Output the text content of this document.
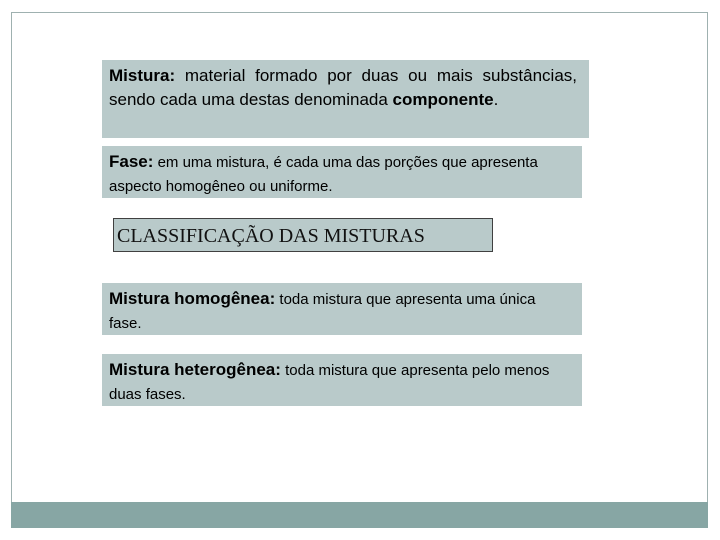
Mistura: material formado por duas ou mais substâncias, sendo cada uma destas denominada componente.

Fase: em uma mistura, é cada uma das porções que apresenta aspecto homogêneo ou uniforme.

CLASSIFICAÇÃO DAS MISTURAS

Mistura homogênea: toda mistura que apresenta uma única fase.

Mistura heterogênea: toda mistura que apresenta pelo menos duas fases.
